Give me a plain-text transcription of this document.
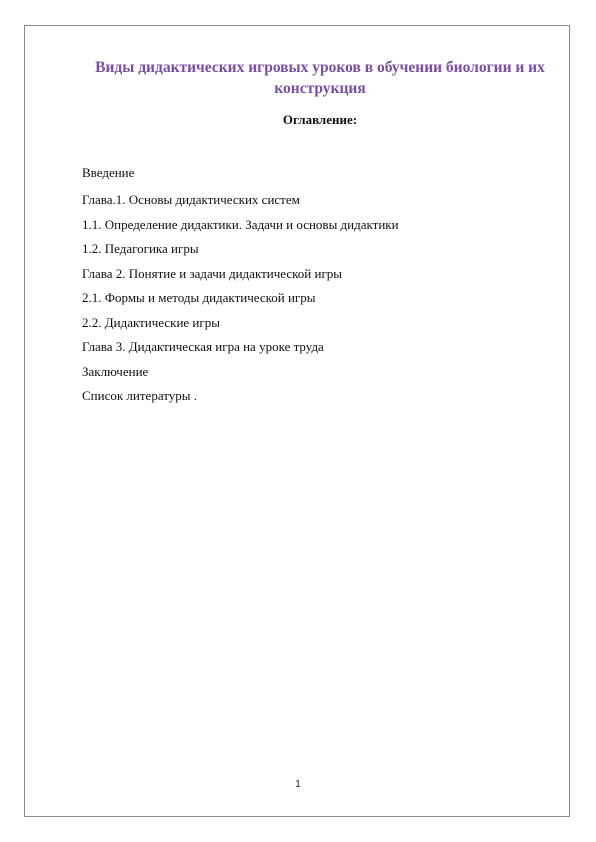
Виды дидактических игровых уроков в обучении биологии и их конструкция
Оглавление:
Введение
Глава.1. Основы дидактических систем
1.1. Определение дидактики. Задачи и основы дидактики
1.2. Педагогика игры
Глава 2. Понятие и задачи дидактической игры
2.1. Формы и методы дидактической игры
2.2. Дидактические игры
Глава 3. Дидактическая игра на уроке труда
Заключение
Список литературы .
1
